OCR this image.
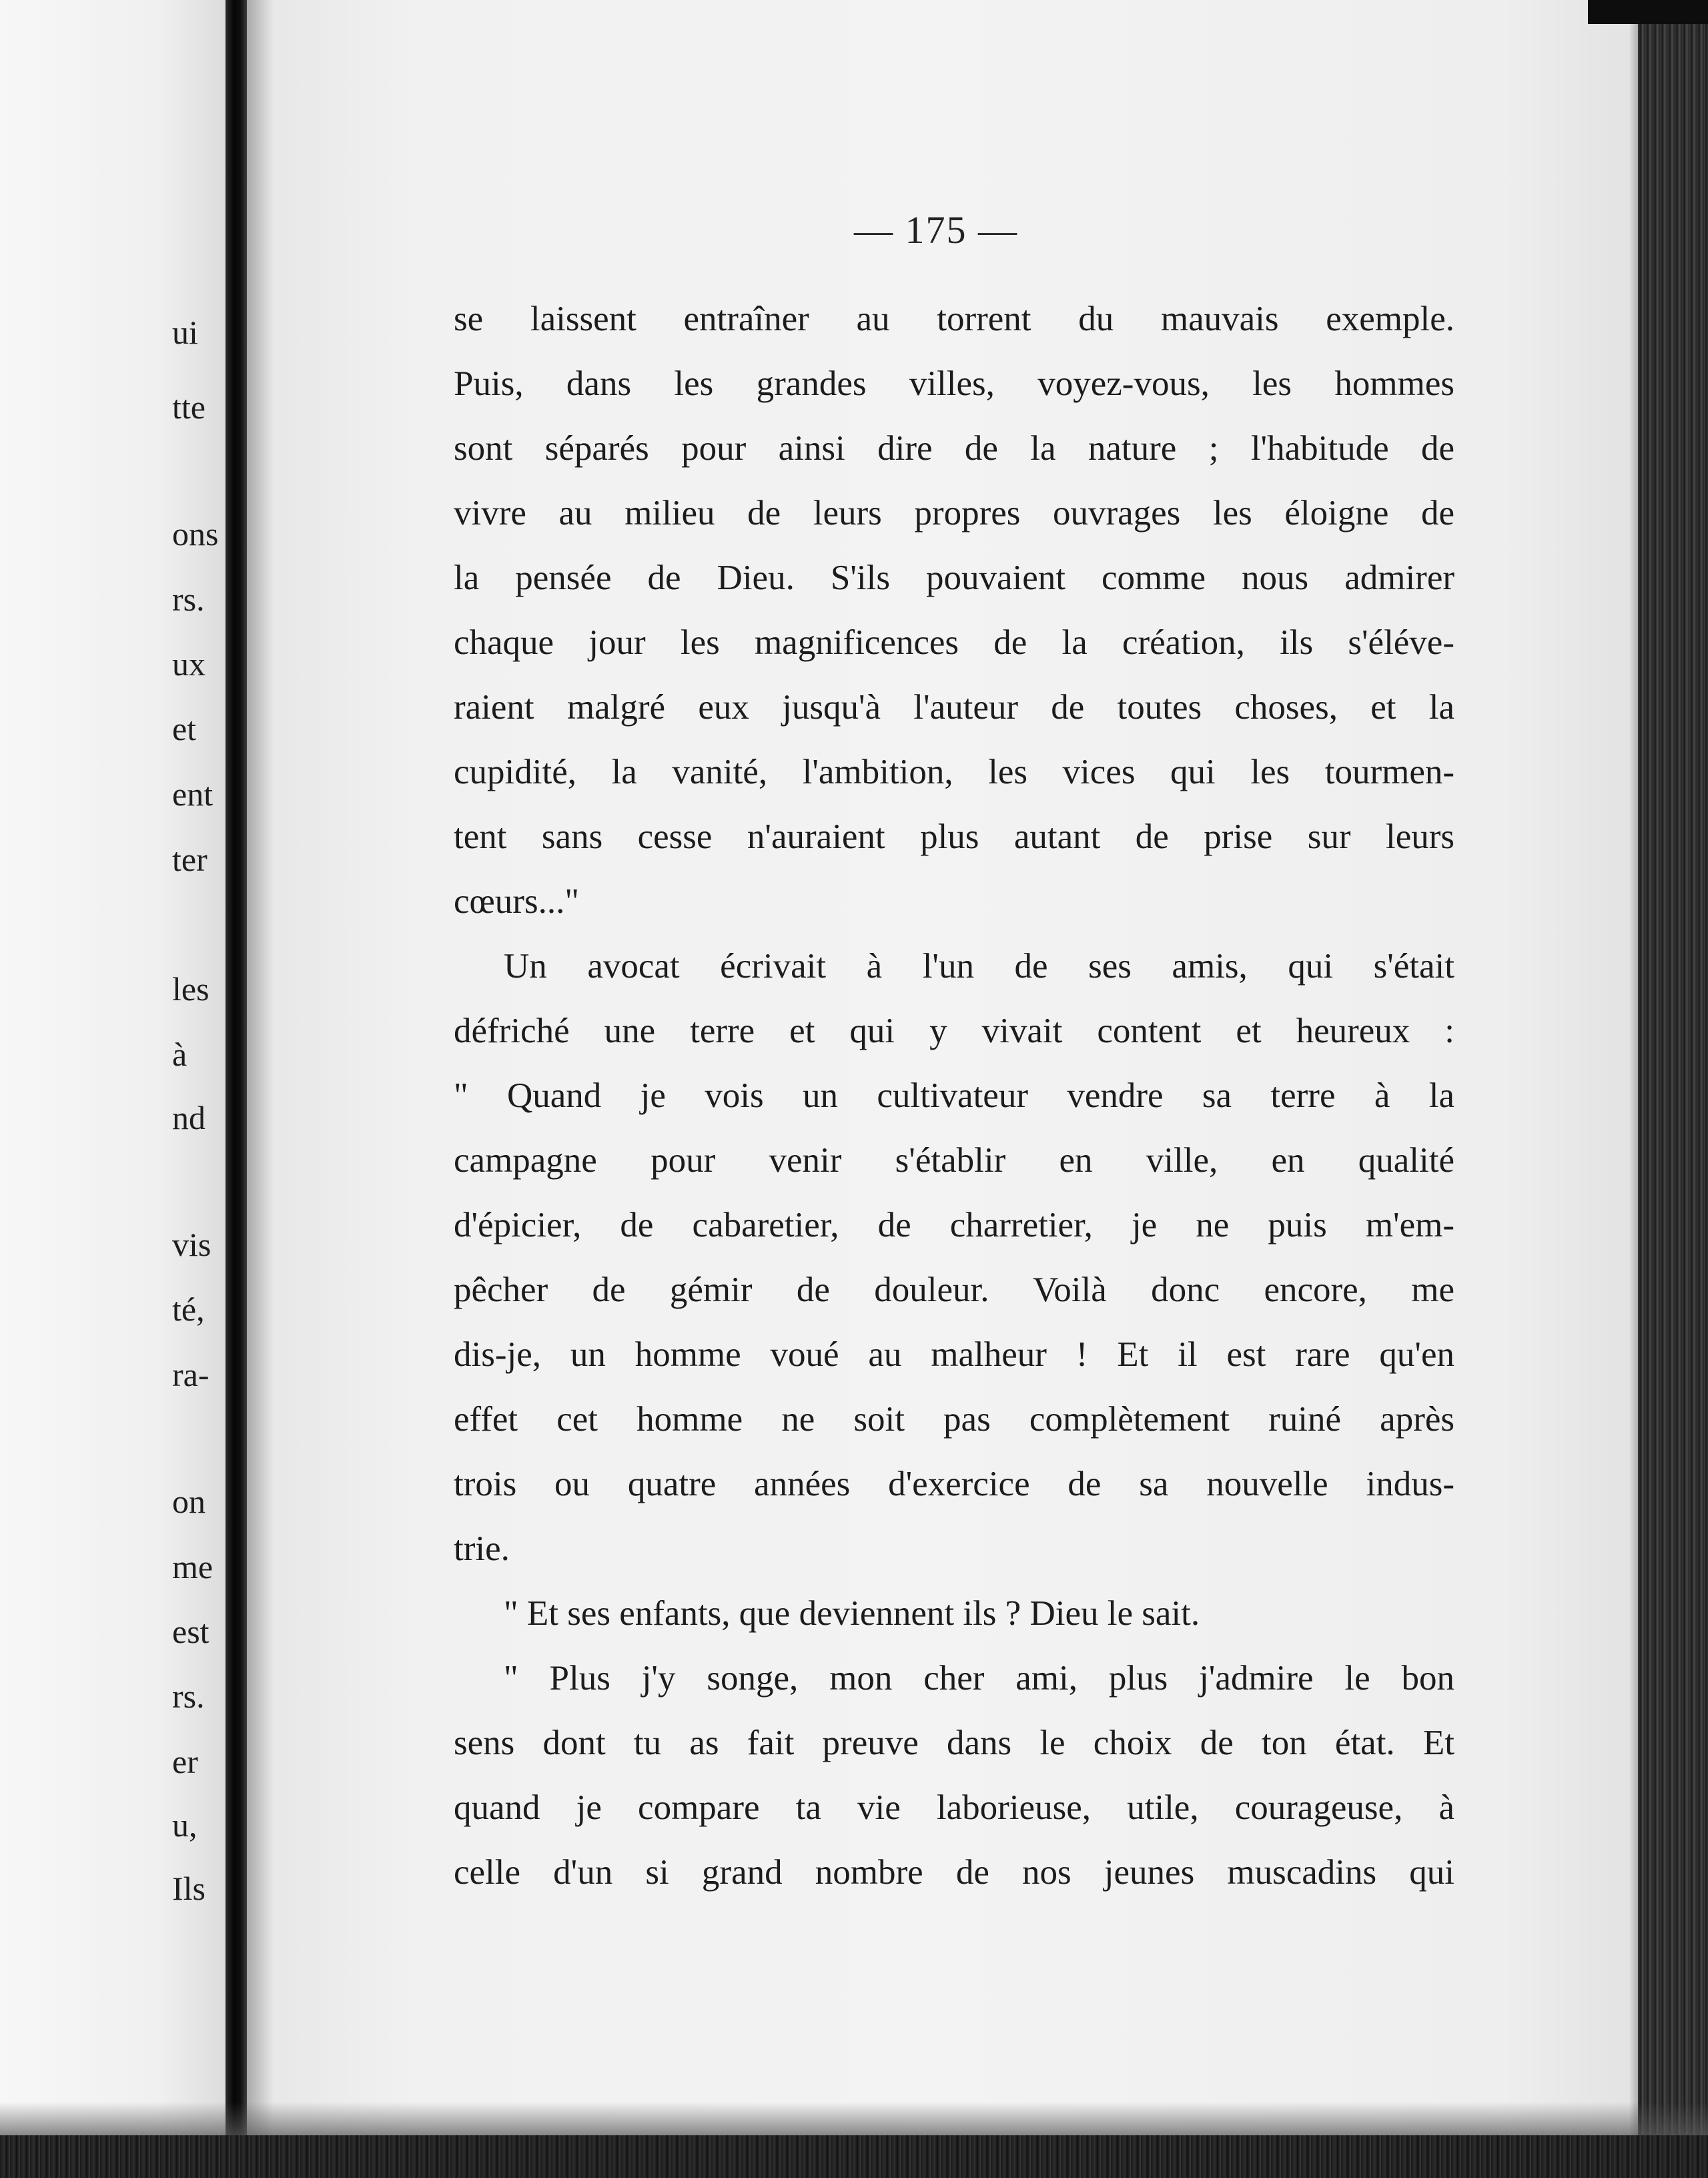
ui
tte
ons
rs.
ux
et
ent
ter
les
à
nd
vis
té,
ra-
on
me
est
rs.
er
u,
Ils
— 175 —
se laissent entraîner au torrent du mauvais exemple.
Puis, dans les grandes villes, voyez-vous, les hommes
sont séparés pour ainsi dire de la nature ; l'habitude de
vivre au milieu de leurs propres ouvrages les éloigne de
la pensée de Dieu. S'ils pouvaient comme nous admirer
chaque jour les magnificences de la création, ils s'éléve-
raient malgré eux jusqu'à l'auteur de toutes choses, et la
cupidité, la vanité, l'ambition, les vices qui les tourmen-
tent sans cesse n'auraient plus autant de prise sur leurs
cœurs..."
Un avocat écrivait à l'un de ses amis, qui s'était
défriché une terre et qui y vivait content et heureux :
" Quand je vois un cultivateur vendre sa terre à la
campagne pour venir s'établir en ville, en qualité
d'épicier, de cabaretier, de charretier, je ne puis m'em-
pêcher de gémir de douleur. Voilà donc encore, me
dis-je, un homme voué au malheur ! Et il est rare qu'en
effet cet homme ne soit pas complètement ruiné après
trois ou quatre années d'exercice de sa nouvelle indus-
trie.
" Et ses enfants, que deviennent ils ? Dieu le sait.
" Plus j'y songe, mon cher ami, plus j'admire le bon
sens dont tu as fait preuve dans le choix de ton état. Et
quand je compare ta vie laborieuse, utile, courageuse, à
celle d'un si grand nombre de nos jeunes muscadins qui
